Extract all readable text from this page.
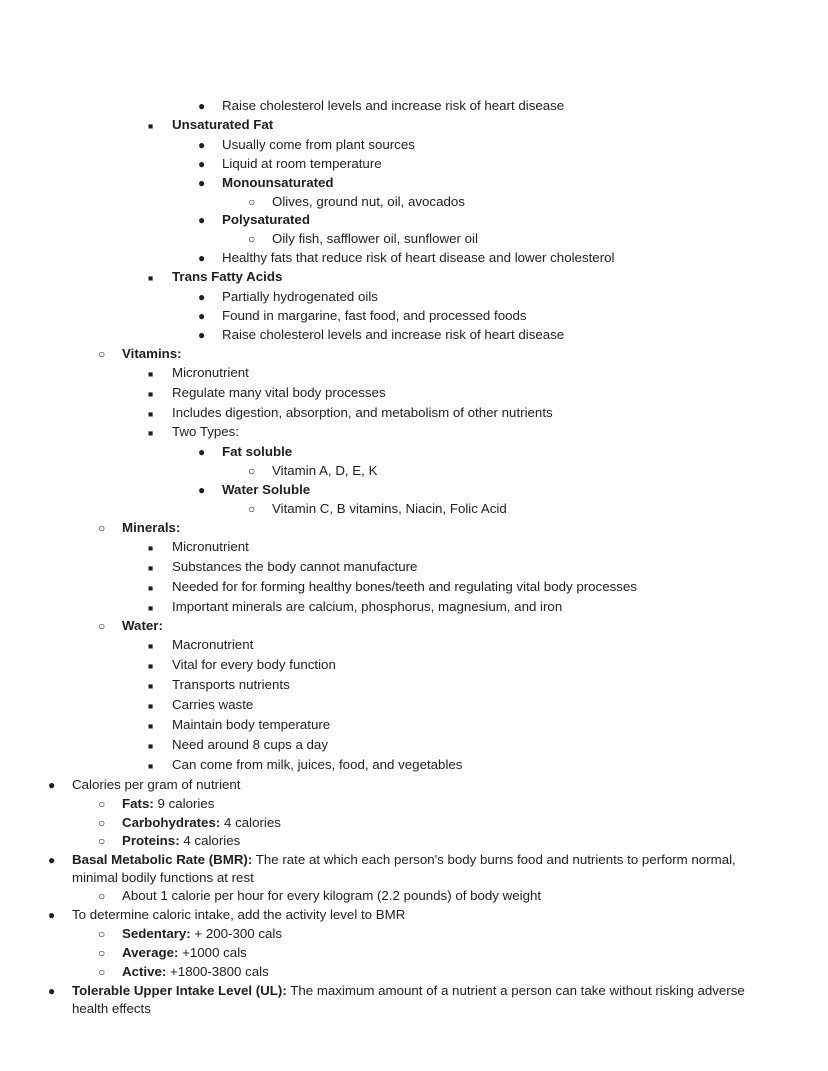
●	Raise cholesterol levels and increase risk of heart disease
■	Unsaturated Fat
●	Usually come from plant sources
●	Liquid at room temperature
●	Monounsaturated
○	Olives, ground nut, oil, avocados
●	Polysaturated
○	Oily fish, safflower oil, sunflower oil
●	Healthy fats that reduce risk of heart disease and lower cholesterol
■	Trans Fatty Acids
●	Partially hydrogenated oils
●	Found in margarine, fast food, and processed foods
●	Raise cholesterol levels and increase risk of heart disease
○	Vitamins:
■	Micronutrient
■	Regulate many vital body processes
■	Includes digestion, absorption, and metabolism of other nutrients
■	Two Types:
●	Fat soluble
○	Vitamin A, D, E, K
●	Water Soluble
○	Vitamin C, B vitamins, Niacin, Folic Acid
○	Minerals:
■	Micronutrient
■	Substances the body cannot manufacture
■	Needed for for forming healthy bones/teeth and regulating vital body processes
■	Important minerals are calcium, phosphorus, magnesium, and iron
○	Water:
■	Macronutrient
■	Vital for every body function
■	Transports nutrients
■	Carries waste
■	Maintain body temperature
■	Need around 8 cups a day
■	Can come from milk, juices, food, and vegetables
●	Calories per gram of nutrient
○	Fats: 9 calories
○	Carbohydrates: 4 calories
○	Proteins: 4 calories
●	Basal Metabolic Rate (BMR): The rate at which each person's body burns food and nutrients to perform normal, minimal bodily functions at rest
○	About 1 calorie per hour for every kilogram (2.2 pounds) of body weight
●	To determine caloric intake, add the activity level to BMR
○	Sedentary: + 200-300 cals
○	Average: +1000 cals
○	Active: +1800-3800 cals
●	Tolerable Upper Intake Level (UL): The maximum amount of a nutrient a person can take without risking adverse health effects
